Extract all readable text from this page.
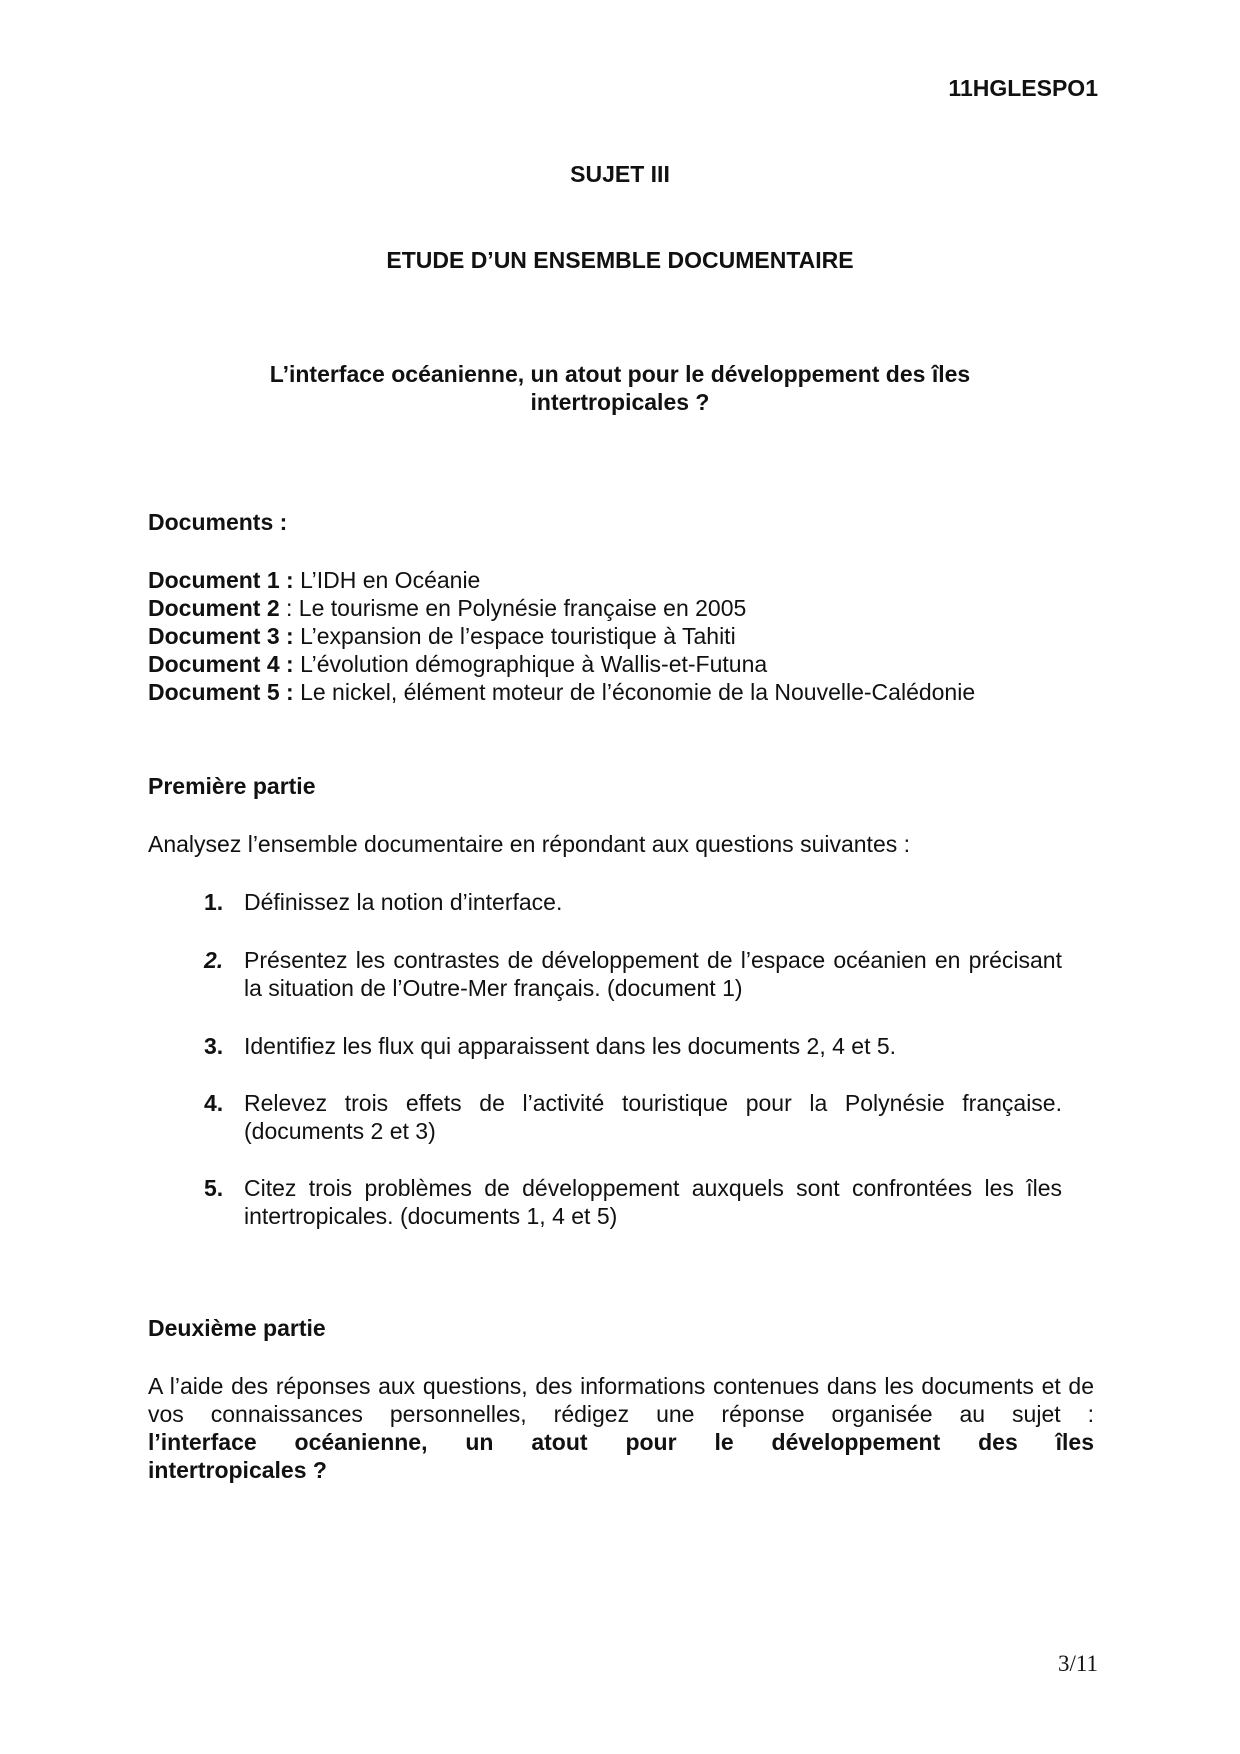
11HGLESPO1
SUJET III
ETUDE D’UN ENSEMBLE DOCUMENTAIRE
L’interface océanienne, un atout pour le développement des îles
intertropicales ?
Documents :
Document 1 : L’IDH en Océanie
Document 2 : Le tourisme en Polynésie française en 2005
Document 3 : L’expansion de l’espace touristique à Tahiti
Document 4 : L’évolution démographique à Wallis-et-Futuna
Document 5 : Le nickel, élément moteur de l’économie de la Nouvelle-Calédonie
Première partie
Analysez l’ensemble documentaire en répondant aux questions suivantes :
1. Définissez la notion d’interface.
2. Présentez les contrastes de développement de l’espace océanien en précisant la situation de l’Outre-Mer français. (document 1)
3. Identifiez les flux qui apparaissent dans les documents 2, 4 et 5.
4. Relevez trois effets de l’activité touristique pour la Polynésie française. (documents 2 et 3)
5. Citez trois problèmes de développement auxquels sont confrontées les îles intertropicales. (documents 1, 4 et 5)
Deuxième partie
A l’aide des réponses aux questions, des informations contenues dans les documents et de vos connaissances personnelles, rédigez une réponse organisée au sujet :
l’interface océanienne, un atout pour le développement des îles
intertropicales ?
3/11
